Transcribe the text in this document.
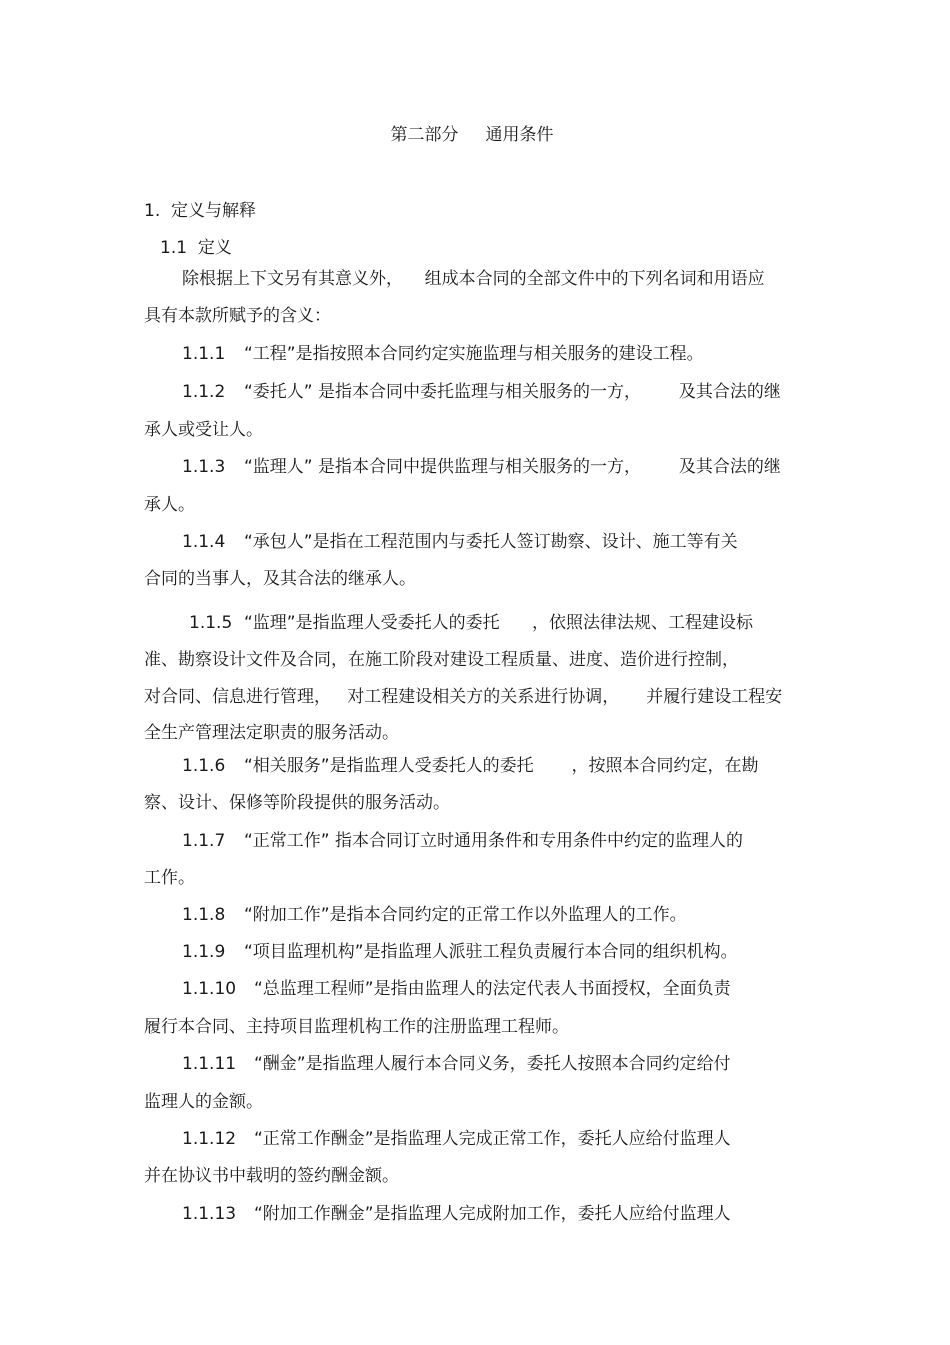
第二部分     通用条件
1.  定义与解释
1.1  定义
除根据上下文另有其意义外，    组成本合同的全部文件中的下列名词和用语应
具有本款所赋予的含义：
1.1.1 “工程”是指按照本合同约定实施监理与相关服务的建设工程。
1.1.2 “委托人” 是指本合同中委托监理与相关服务的一方，       及其合法的继
承人或受让人。
1.1.3 “监理人” 是指本合同中提供监理与相关服务的一方，       及其合法的继
承人。
1.1.4 “承包人”是指在工程范围内与委托人签订勘察、设计、施工等有关
合同的当事人，及其合法的继承人。
1.1.5 “监理”是指监理人受委托人的委托      ，依照法律法规、工程建设标
准、勘察设计文件及合同，在施工阶段对建设工程质量、进度、造价进行控制，
对合同、信息进行管理，   对工程建设相关方的关系进行协调，     并履行建设工程安
全生产管理法定职责的服务活动。
1.1.6 “相关服务”是指监理人受委托人的委托       ，按照本合同约定，在勘
察、设计、保修等阶段提供的服务活动。
1.1.7 “正常工作” 指本合同订立时通用条件和专用条件中约定的监理人的
工作。
1.1.8 “附加工作”是指本合同约定的正常工作以外监理人的工作。
1.1.9 “项目监理机构”是指监理人派驻工程负责履行本合同的组织机构。
1.1.10 “总监理工程师”是指由监理人的法定代表人书面授权，全面负责
履行本合同、主持项目监理机构工作的注册监理工程师。
1.1.11 “酬金”是指监理人履行本合同义务，委托人按照本合同约定给付
监理人的金额。
1.1.12 “正常工作酬金”是指监理人完成正常工作，委托人应给付监理人
并在协议书中载明的签约酬金额。
1.1.13 “附加工作酬金”是指监理人完成附加工作，委托人应给付监理人
